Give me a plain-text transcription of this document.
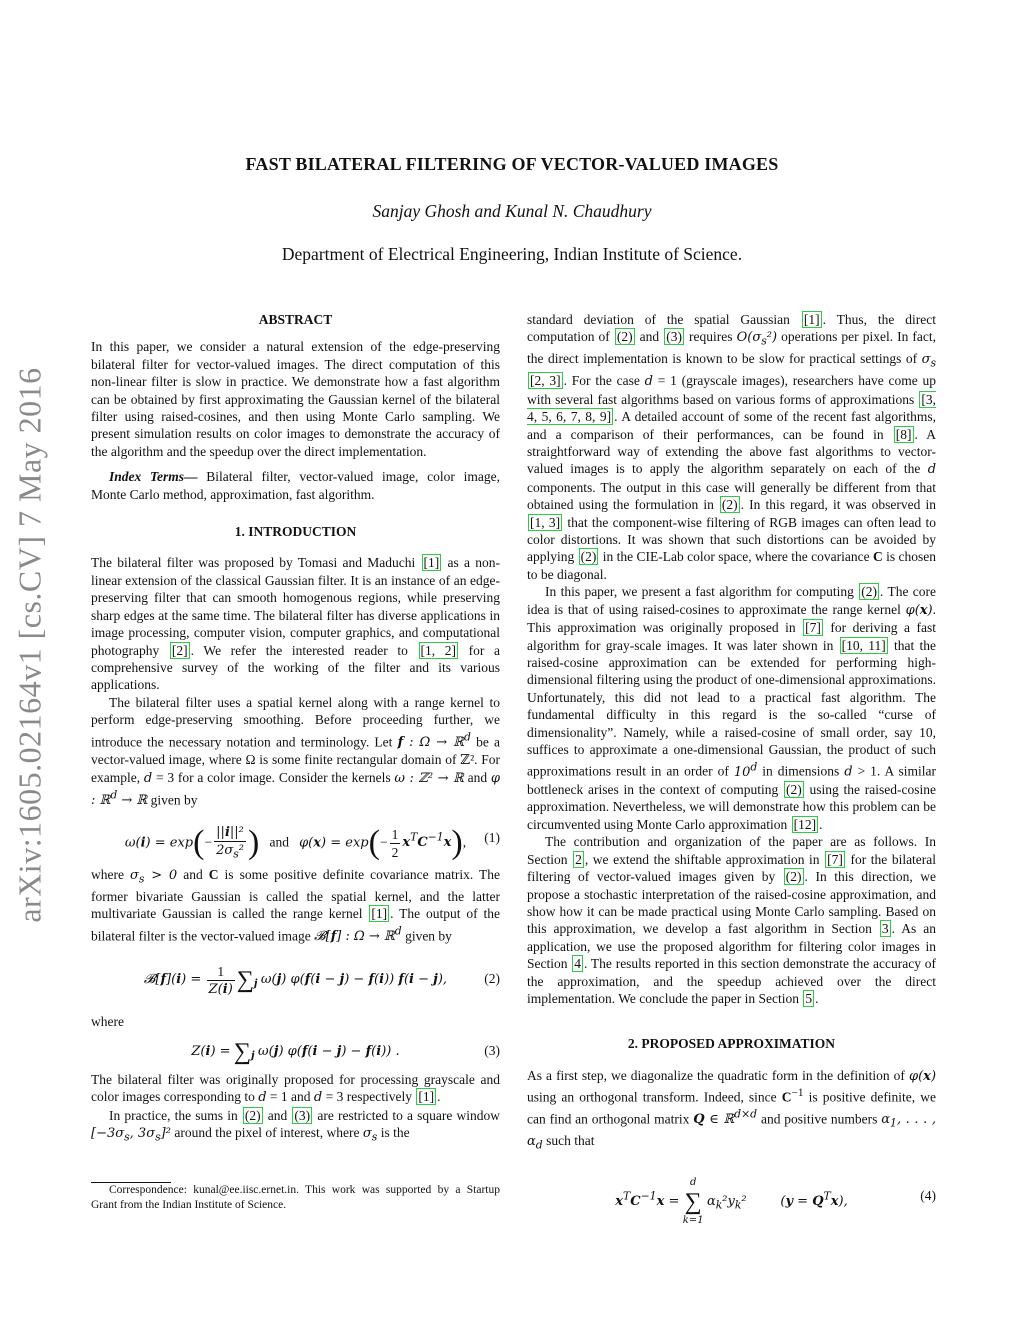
arXiv:1605.02164v1 [cs.CV] 7 May 2016
FAST BILATERAL FILTERING OF VECTOR-VALUED IMAGES
Sanjay Ghosh and Kunal N. Chaudhury
Department of Electrical Engineering, Indian Institute of Science.

ABSTRACT

In this paper, we consider a natural extension of the edge-preserving bilateral filter for vector-valued images. The direct computation of this non-linear filter is slow in practice. We demonstrate how a fast algorithm can be obtained by first approximating the Gaussian kernel of the bilateral filter using raised-cosines, and then using Monte Carlo sampling. We present simulation results on color images to demonstrate the accuracy of the algorithm and the speedup over the direct implementation.

Index Terms— Bilateral filter, vector-valued image, color image, Monte Carlo method, approximation, fast algorithm.

1. INTRODUCTION

The bilateral filter was proposed by Tomasi and Maduchi [1] as a non-linear extension of the classical Gaussian filter. It is an instance of an edge-preserving filter that can smooth homogenous regions, while preserving sharp edges at the same time. The bilateral filter has diverse applications in image processing, computer vision, computer graphics, and computational photography [2] . We refer the interested reader to [1, 2] for a comprehensive survey of the working of the filter and its various applications.

The bilateral filter uses a spatial kernel along with a range kernel to perform edge-preserving smoothing. Before proceeding further, we introduce the necessary notation and terminology. Let f : Ω → ℝ$^d$ be a vector-valued image, where Ω is some finite rectangular domain of ℤ². For example, d = 3 for a color image. Consider the kernels ω : ℤ² → ℝ and φ : ℝ$^d$ → ℝ given by

$\omega(i) = \exp(- \frac{\text{||i||²}}{2\sigma_s^2}$ )   and   $\varphi(x) = \exp(- \frac{1}{2} x^TC^{-1}x)$, (1)

where $\sigma_s > 0$ and C is some positive definite covariance matrix. The former bivariate Gaussian is called the spatial kernel, and the latter multivariate Gaussian is called the range kernel [1] . The output of the bilateral filter is the vector-valued image 𝓑[f] : Ω → ℝ$^d$ given by

𝓑[f](i) = $\frac{1}{Z(i)} \sum_j$ ω(j) φ(f(i − j) − f(i)) f(i − j),	(2)

where

$Z(i) = \sum_j$ ω(j) φ(f(i − j) − f(i)) .	(3)

The bilateral filter was originally proposed for processing grayscale and color images corresponding to d = 1 and d = 3 respectively [1] .

In practice, the sums in (2) and (3) are restricted to a square window [$-3\sigma_s$, $3\sigma_s]^2$ around the pixel of interest, where $\sigma_s$ is the

Correspondence: kunal@ee.iisc.ernet.in. This work was supported by a Startup Grant from the Indian Institute of Science.

standard deviation of the spatial Gaussian [1] . Thus, the direct computation of (2) and (3) requires $O(\sigma_s^2)$ operations per pixel. In fact, the direct implementation is known to be slow for practical settings of $\sigma_s$ [2, 3] . For the case d = 1 (grayscale images), researchers have come up with several fast algorithms based on various forms of approximations [3, 4, 5, 6, 7, 8, 9] . A detailed account of some of the recent fast algorithms, and a comparison of their performances, can be found in [8] . A straightforward way of extending the above fast algorithms to vector-valued images is to apply the algorithm separately on each of the d components. The output in this case will generally be different from that obtained using the formulation in (2) . In this regard, it was observed in [1, 3] that the component-wise filtering of RGB images can often lead to color distortions. It was shown that such distortions can be avoided by applying (2) in the CIE-Lab color space, where the covariance C is chosen to be diagonal.

In this paper, we present a fast algorithm for computing (2) . The core idea is that of using raised-cosines to approximate the range kernel φ(x). This approximation was originally proposed in [7] for deriving a fast algorithm for gray-scale images. It was later shown in [10, 11] that the raised-cosine approximation can be extended for performing high-dimensional filtering using the product of one-dimensional approximations. Unfortunately, this did not lead to a practical fast algorithm. The fundamental difficulty in this regard is the so-called “curse of dimensionality”. Namely, while a raised-cosine of small order, say 10, suffices to approximate a one-dimensional Gaussian, the product of such approximations result in an order of 10$^d$ in dimensions d > 1. A similar bottleneck arises in the context of computing (2) using the raised-cosine approximation. Nevertheless, we will demonstrate how this problem can be circumvented using Monte Carlo approximation [12] .

The contribution and organization of the paper are as follows. In Section 2 , we extend the shiftable approximation in [7] for the bilateral filtering of vector-valued images given by (2) . In this direction, we propose a stochastic interpretation of the raised-cosine approximation, and show how it can be made practical using Monte Carlo sampling. Based on this approximation, we develop a fast algorithm in Section 3 . As an application, we use the proposed algorithm for filtering color images in Section 4 . The results reported in this section demonstrate the accuracy of the approximation, and the speedup achieved over the direct implementation. We conclude the paper in Section 5 .

2. PROPOSED APPROXIMATION

As a first step, we diagonalize the quadratic form in the definition of φ(x) using an orthogonal transform. Indeed, since $C^{-1}$ is positive definite, we can find an orthogonal matrix Q ∈ ℝ$^{d\times d}$ and positive numbers $\alpha_1$, . . . , $\alpha_d$ such that

$x^TC^{-1}x$ =
d
∑
k=1
$\alpha_k^2y_k^2$	$(y = Q^Tx)$,	(4)
